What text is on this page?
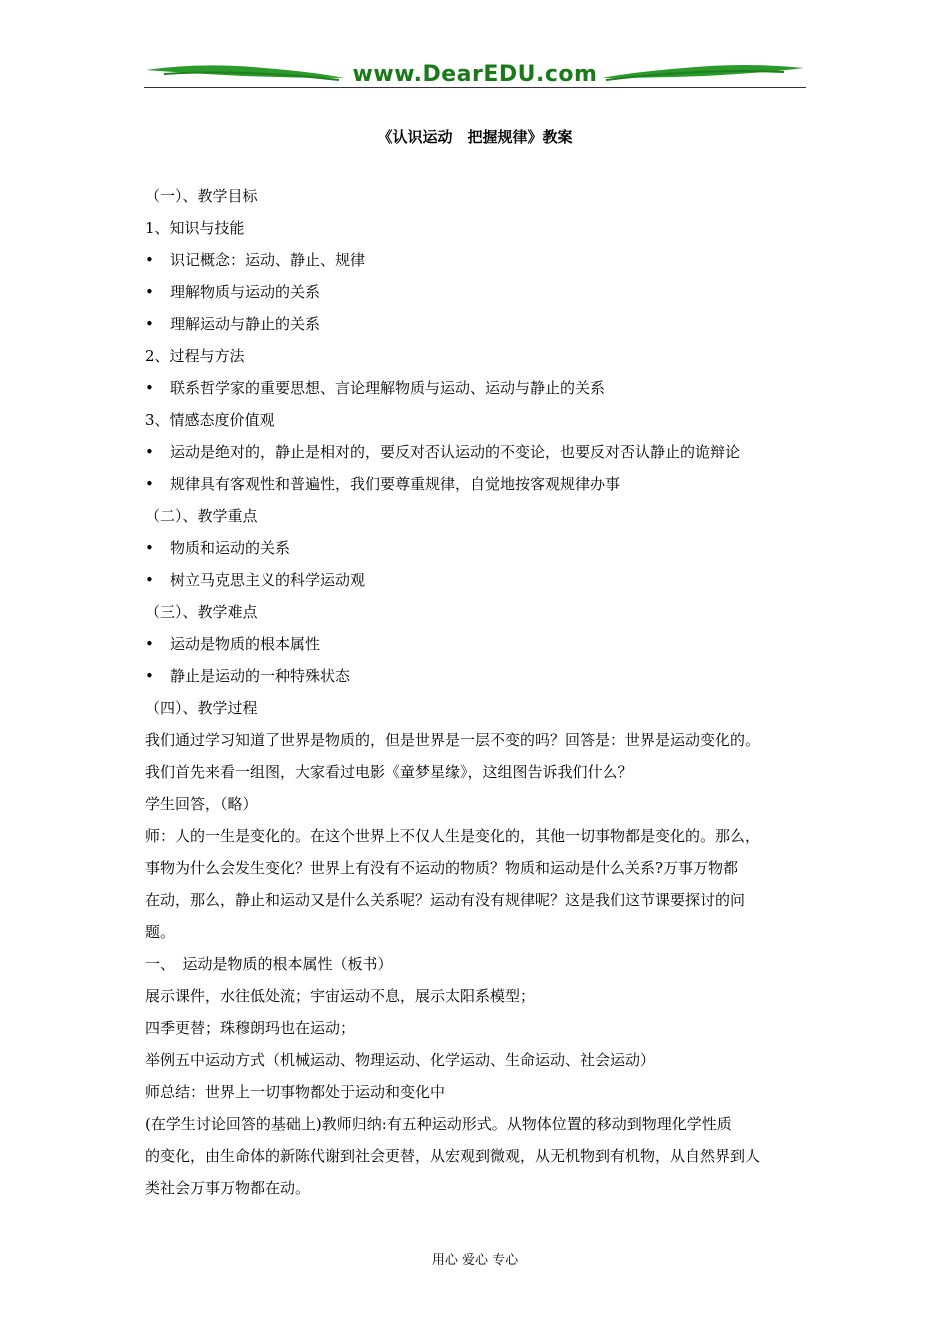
www.DearEDU.com
《认识运动　把握规律》教案
（一）、教学目标
1、知识与技能
• 识记概念：运动、静止、规律
• 理解物质与运动的关系
• 理解运动与静止的关系
2、过程与方法
• 联系哲学家的重要思想、言论理解物质与运动、运动与静止的关系
3、情感态度价值观
• 运动是绝对的，静止是相对的，要反对否认运动的不变论，也要反对否认静止的诡辩论
• 规律具有客观性和普遍性，我们要尊重规律，自觉地按客观规律办事
（二）、教学重点
• 物质和运动的关系
• 树立马克思主义的科学运动观
（三）、教学难点
• 运动是物质的根本属性
• 静止是运动的一种特殊状态
（四）、教学过程
我们通过学习知道了世界是物质的，但是世界是一层不变的吗？回答是：世界是运动变化的。
我们首先来看一组图，大家看过电影《童梦星缘》，这组图告诉我们什么？
学生回答，（略）
师：人的一生是变化的。在这个世界上不仅人生是变化的，其他一切事物都是变化的。那么，
事物为什么会发生变化？世界上有没有不运动的物质？物质和运动是什么关系?万事万物都
在动，那么，静止和运动又是什么关系呢？运动有没有规律呢？这是我们这节课要探讨的问
题。
一、　运动是物质的根本属性（板书）
展示课件，水往低处流；宇宙运动不息，展示太阳系模型；
四季更替；珠穆朗玛也在运动；
举例五中运动方式（机械运动、物理运动、化学运动、生命运动、社会运动）
师总结：世界上一切事物都处于运动和变化中
(在学生讨论回答的基础上)教师归纳:有五种运动形式。从物体位置的移动到物理化学性质
的变化，由生命体的新陈代谢到社会更替，从宏观到微观，从无机物到有机物，从自然界到人
类社会万事万物都在动。
用心 爱心 专心
